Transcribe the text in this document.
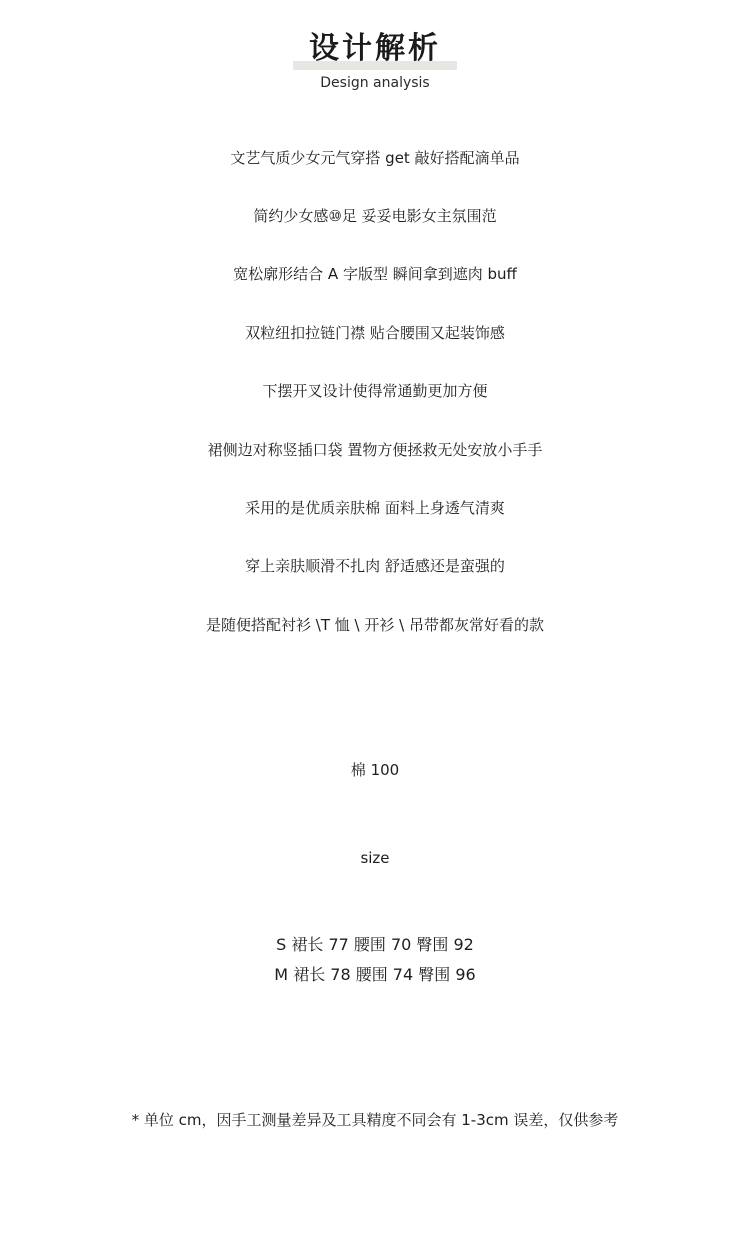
设计解析
Design analysis
文艺气质少女元气穿搭 get 敲好搭配滴单品
简约少女感⑩足 妥妥电影女主氛围范
宽松廓形结合 A 字版型 瞬间拿到遮肉 buff
双粒纽扣拉链门襟 贴合腰围又起装饰感
下摆开叉设计使得常通勤更加方便
裙侧边对称竖插口袋 置物方便拯救无处安放小手手
采用的是优质亲肤棉 面料上身透气清爽
穿上亲肤顺滑不扎肉 舒适感还是蛮强的
是随便搭配衬衫 \T 恤 \ 开衫 \ 吊带都灰常好看的款
棉 100
size
S 裙长 77 腰围 70 臀围 92
M 裙长 78 腰围 74 臀围 96
* 单位 cm，因手工测量差异及工具精度不同会有 1-3cm 误差，仅供参考
